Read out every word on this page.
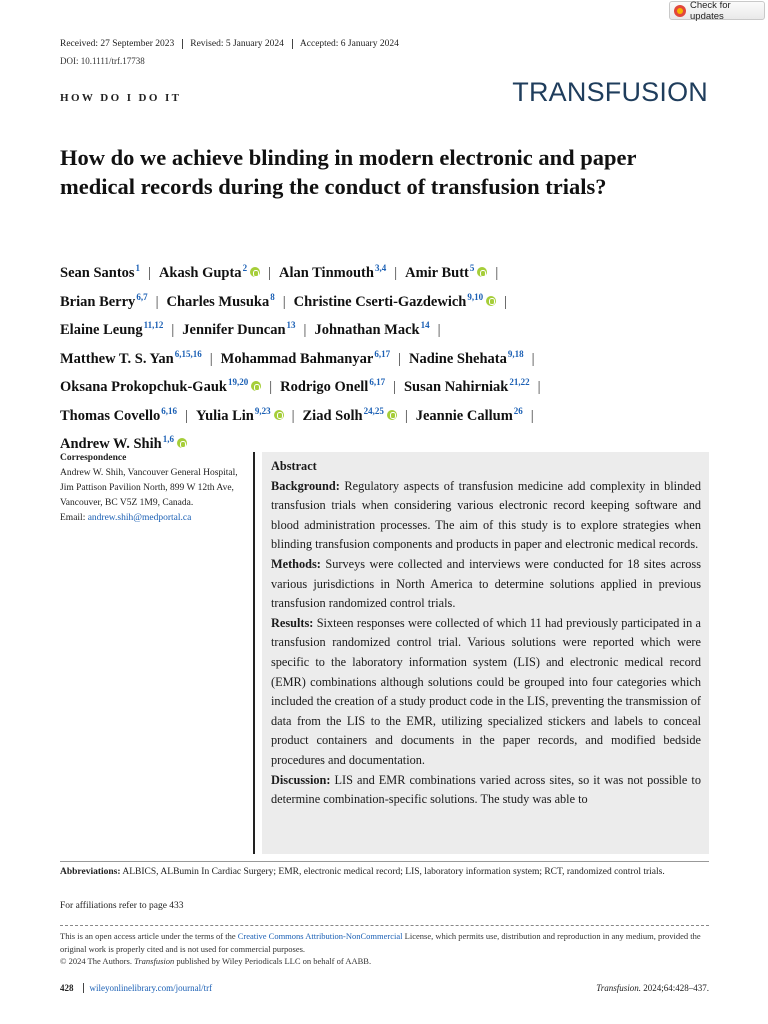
Check for updates
Received: 27 September 2023	Revised: 5 January 2024	Accepted: 6 January 2024
DOI: 10.1111/trf.17738
TRANSFUSION
HOW DO I DO IT
How do we achieve blinding in modern electronic and paper medical records during the conduct of transfusion trials?
Sean Santos$^1$ | Akash Gupta$^2$ | Alan Tinmouth$^{3,4}$ | Amir Butt$^5$ |
Brian Berry$^{6,7}$ | Charles Musuka$^8$ | Christine Cserti-Gazdewich$^{9,10}$ |
Elaine Leung$^{11,12}$ | Jennifer Duncan$^{13}$ | Johnathan Mack$^{14}$ |
Matthew T. S. Yan$^{6,15,16}$ | Mohammad Bahmanyar$^{6,17}$ | Nadine Shehata$^{9,18}$ |
Oksana Prokopchuk-Gauk$^{19,20}$ | Rodrigo Onell$^{6,17}$ | Susan Nahirniak$^{21,22}$ |
Thomas Covello$^{6,16}$ | Yulia Lin$^{9,23}$ | Ziad Solh$^{24,25}$ | Jeannie Callum$^{26}$ |
Andrew W. Shih$^{1,6}$
Correspondence
Andrew W. Shih, Vancouver General Hospital, Jim Pattison Pavilion North, 899 W 12th Ave, Vancouver, BC V5Z 1M9, Canada.
Email: andrew.shih@medportal.ca
Abstract

Background: Regulatory aspects of transfusion medicine add complexity in blinded transfusion trials when considering various electronic record keeping software and blood administration processes. The aim of this study is to explore strategies when blinding transfusion components and products in paper and electronic medical records.

Methods: Surveys were collected and interviews were conducted for 18 sites across various jurisdictions in North America to determine solutions applied in previous transfusion randomized control trials.

Results: Sixteen responses were collected of which 11 had previously participated in a transfusion randomized control trial. Various solutions were reported which were specific to the laboratory information system (LIS) and electronic medical record (EMR) combinations although solutions could be grouped into four categories which included the creation of a study product code in the LIS, preventing the transmission of data from the LIS to the EMR, utilizing specialized stickers and labels to conceal product containers and documents in the paper records, and modified bedside procedures and documentation.

Discussion: LIS and EMR combinations varied across sites, so it was not possible to determine combination-specific solutions. The study was able to

Abbreviations: ALBICS, ALBumin In Cardiac Surgery; EMR, electronic medical record; LIS, laboratory information system; RCT, randomized control trials.
For affiliations refer to page 433
This is an open access article under the terms of the Creative Commons Attribution-NonCommercial License, which permits use, distribution and reproduction in any medium, provided the original work is properly cited and is not used for commercial purposes.
© 2024 The Authors. Transfusion published by Wiley Periodicals LLC on behalf of AABB.
428	wileyonlinelibrary.com/journal/trf	Transfusion. 2024;64:428–437.
